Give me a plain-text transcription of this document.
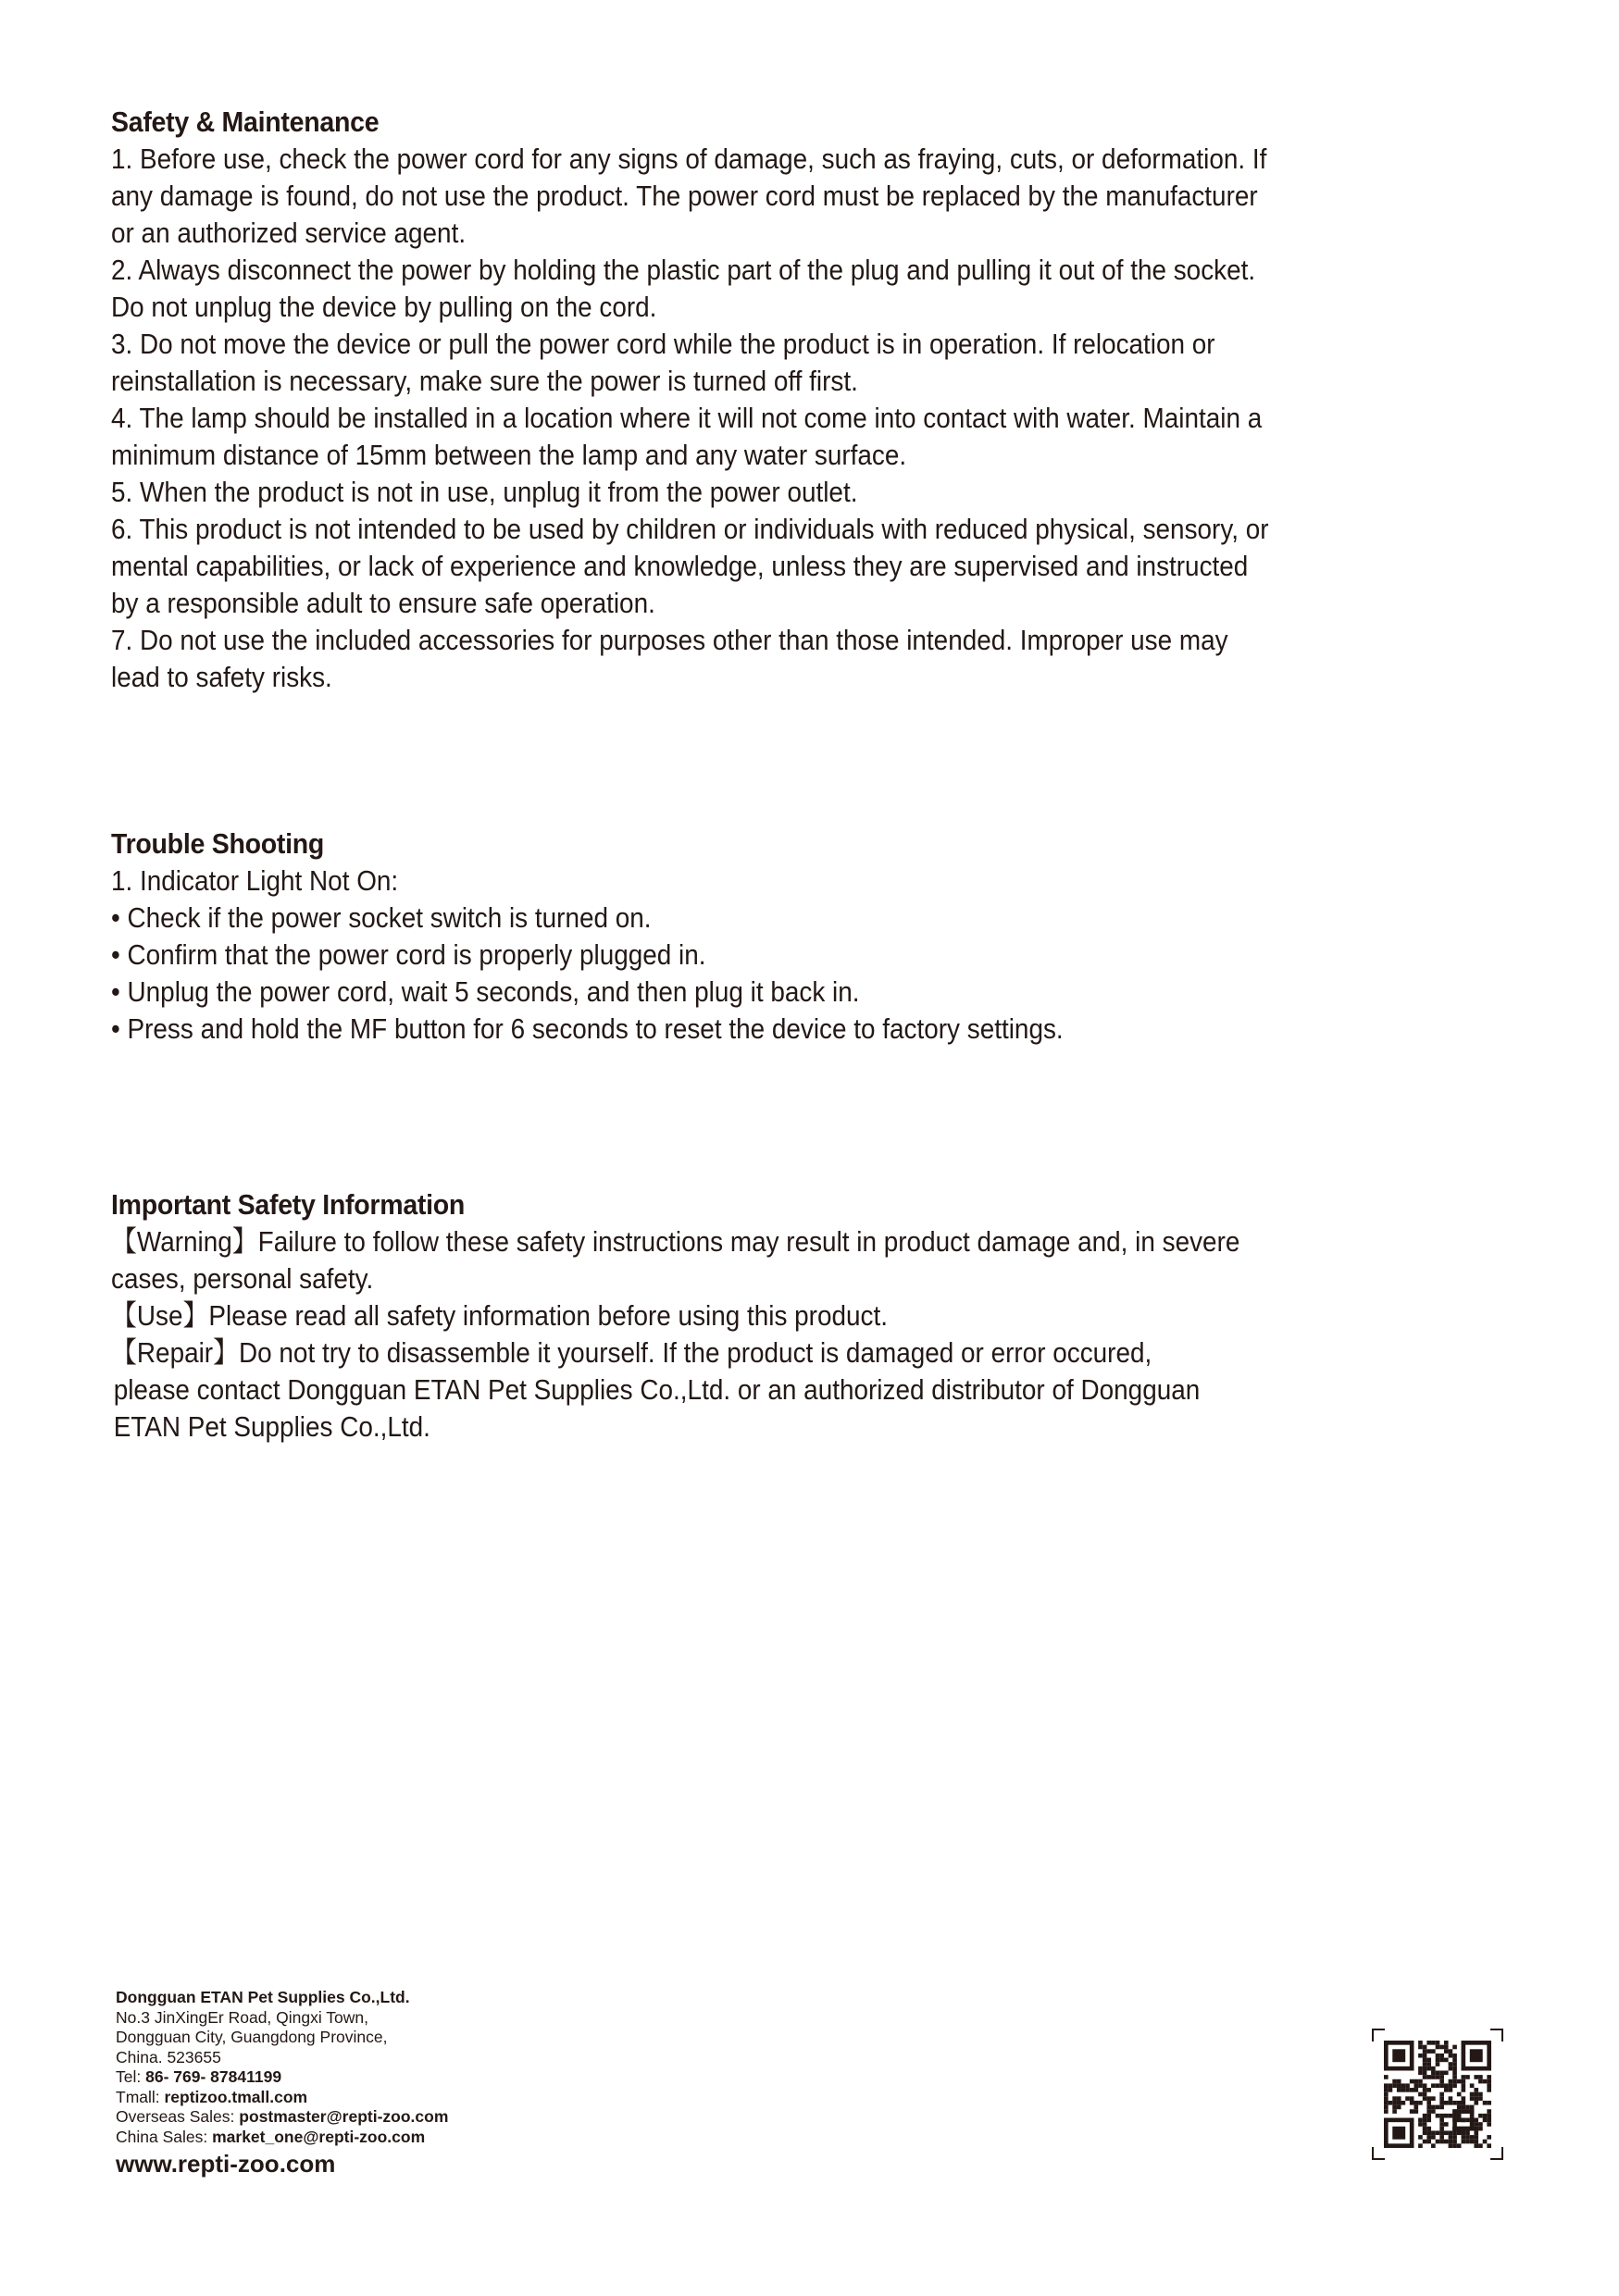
Safety & Maintenance
1. Before use, check the power cord for any signs of damage, such as fraying, cuts, or deformation. If
any damage is found, do not use the product. The power cord must be replaced by the manufacturer
or an authorized service agent.
2. Always disconnect the power by holding the plastic part of the plug and pulling it out of the socket.
Do not unplug the device by pulling on the cord.
3. Do not move the device or pull the power cord while the product is in operation. If relocation or
reinstallation is necessary, make sure the power is turned off first.
4. The lamp should be installed in a location where it will not come into contact with water. Maintain a
minimum distance of 15mm between the lamp and any water surface.
5. When the product is not in use, unplug it from the power outlet.
6. This product is not intended to be used by children or individuals with reduced physical, sensory, or
mental capabilities, or lack of experience and knowledge, unless they are supervised and instructed
by a responsible adult to ensure safe operation.
7. Do not use the included accessories for purposes other than those intended. Improper use may
lead to safety risks.
Trouble Shooting
1. Indicator Light Not On:
• Check if the power socket switch is turned on.
• Confirm that the power cord is properly plugged in.
• Unplug the power cord, wait 5 seconds, and then plug it back in.
• Press and hold the MF button for 6 seconds to reset the device to factory settings.
Important Safety Information
【Warning】Failure to follow these safety instructions may result in product damage and, in severe
cases, personal safety.
【Use】Please read all safety information before using this product.
【Repair】Do not try to disassemble it yourself. If the product is damaged or error occured,
please contact Dongguan ETAN Pet Supplies Co.,Ltd. or an authorized distributor of Dongguan
ETAN Pet Supplies Co.,Ltd.
Dongguan ETAN Pet Supplies Co.,Ltd.
No.3 JinXingEr Road, Qingxi Town,
Dongguan City, Guangdong Province,
China. 523655
Tel: 86- 769- 87841199
Tmall: reptizoo.tmall.com
Overseas Sales: postmaster@repti-zoo.com
China Sales: market_one@repti-zoo.com
www.repti-zoo.com
